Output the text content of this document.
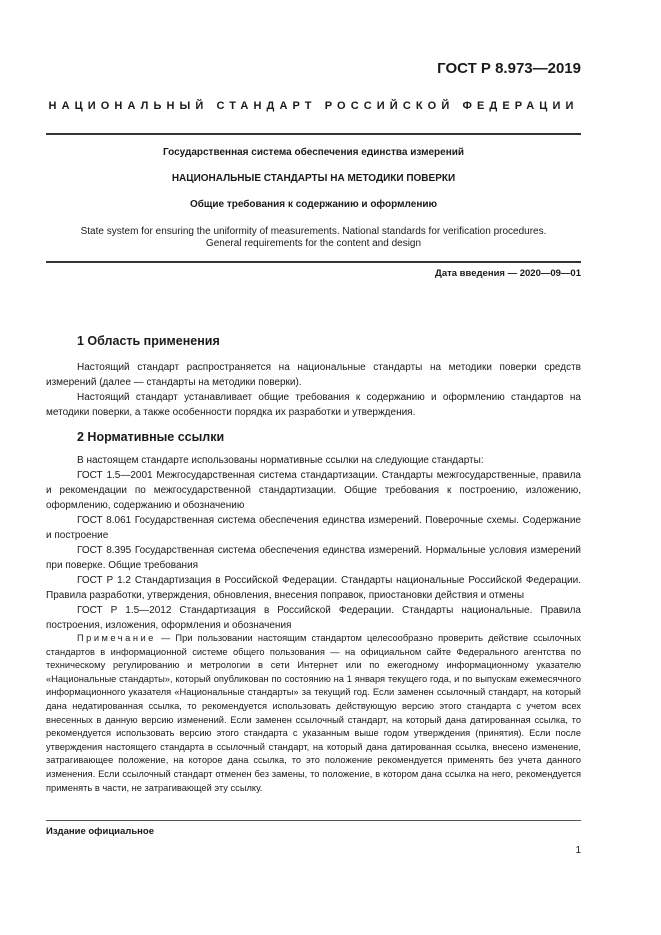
ГОСТ Р 8.973—2019
НАЦИОНАЛЬНЫЙ СТАНДАРТ РОССИЙСКОЙ ФЕДЕРАЦИИ
Государственная система обеспечения единства измерений
НАЦИОНАЛЬНЫЕ СТАНДАРТЫ НА МЕТОДИКИ ПОВЕРКИ
Общие требования к содержанию и оформлению
State system for ensuring the uniformity of measurements. National standards for verification procedures.
General requirements for the content and design
Дата введения — 2020—09—01
1 Область применения

Настоящий стандарт распространяется на национальные стандарты на методики поверки средств измерений (далее — стандарты на методики поверки).

Настоящий стандарт устанавливает общие требования к содержанию и оформлению стандартов на методики поверки, а также особенности порядка их разработки и утверждения.

2 Нормативные ссылки

В настоящем стандарте использованы нормативные ссылки на следующие стандарты:

ГОСТ 1.5—2001 Межгосударственная система стандартизации. Стандарты межгосударственные, правила и рекомендации по межгосударственной стандартизации. Общие требования к построению, изложению, оформлению, содержанию и обозначению

ГОСТ 8.061 Государственная система обеспечения единства измерений. Поверочные схемы. Содержание и построение

ГОСТ 8.395 Государственная система обеспечения единства измерений. Нормальные условия измерений при поверке. Общие требования

ГОСТ Р 1.2 Стандартизация в Российской Федерации. Стандарты национальные Российской Федерации. Правила разработки, утверждения, обновления, внесения поправок, приостановки действия и отмены

ГОСТ Р 1.5—2012 Стандартизация в Российской Федерации. Стандарты национальные. Правила построения, изложения, оформления и обозначения

Примечание — При пользовании настоящим стандартом целесообразно проверить действие ссылочных стандартов в информационной системе общего пользования — на официальном сайте Федерального агентства по техническому регулированию и метрологии в сети Интернет или по ежегодному информационному указателю «Национальные стандарты», который опубликован по состоянию на 1 января текущего года, и по выпускам ежемесячного информационного указателя «Национальные стандарты» за текущий год. Если заменен ссылочный стандарт, на который дана недатированная ссылка, то рекомендуется использовать действующую версию этого стандарта с учетом всех внесенных в данную версию изменений. Если заменен ссылочный стандарт, на который дана датированная ссылка, то рекомендуется использовать версию этого стандарта с указанным выше годом утверждения (принятия). Если после утверждения настоящего стандарта в ссылочный стандарт, на который дана датированная ссылка, внесено изменение, затрагивающее положение, на которое дана ссылка, то это положение рекомендуется применять без учета данного изменения. Если ссылочный стандарт отменен без замены, то положение, в котором дана ссылка на него, рекомендуется применять в части, не затрагивающей эту ссылку.

Издание официальное
1
